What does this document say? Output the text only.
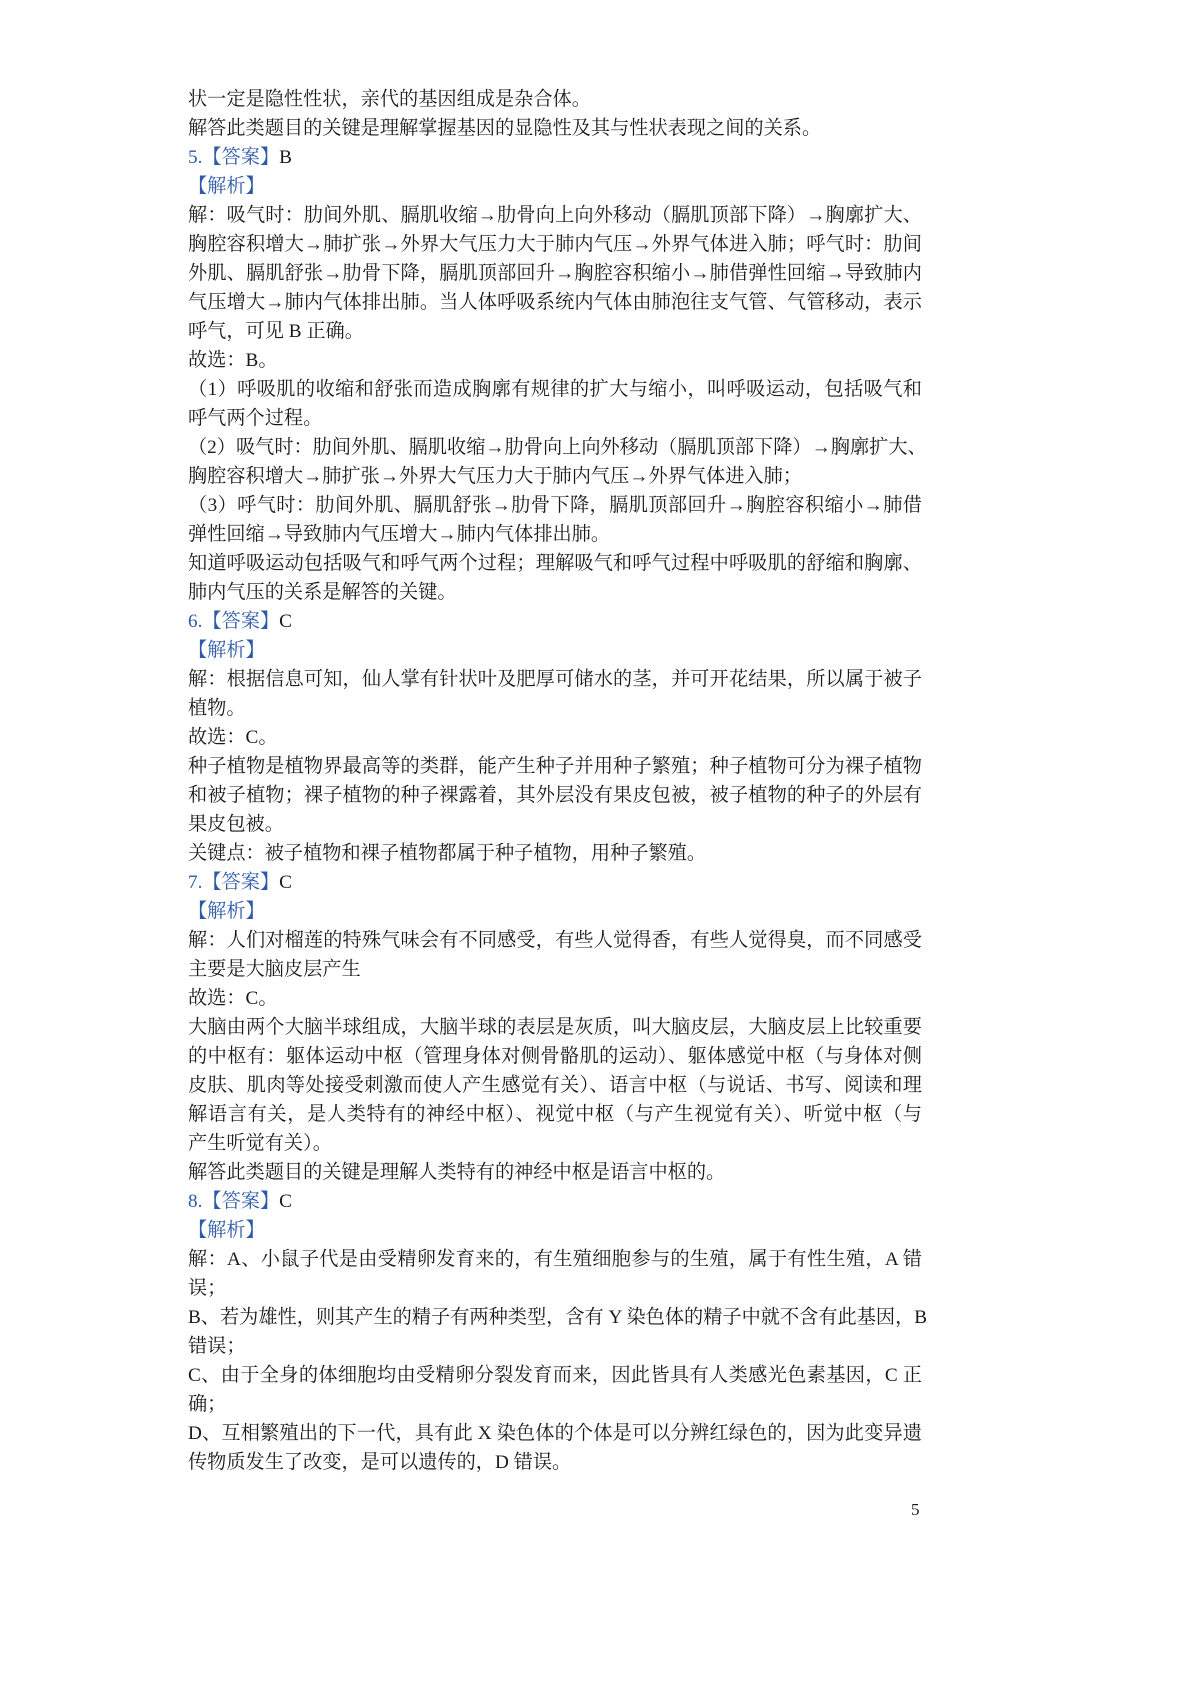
状一定是隐性性状，亲代的基因组成是杂合体。
解答此类题目的关键是理解掌握基因的显隐性及其与性状表现之间的关系。
5.【答案】B
【解析】
解：吸气时：肋间外肌、膈肌收缩→肋骨向上向外移动（膈肌顶部下降）→胸廓扩大、
胸腔容积增大→肺扩张→外界大气压力大于肺内气压→外界气体进入肺；呼气时：肋间
外肌、膈肌舒张→肋骨下降，膈肌顶部回升→胸腔容积缩小→肺借弹性回缩→导致肺内
气压增大→肺内气体排出肺。当人体呼吸系统内气体由肺泡往支气管、气管移动，表示
呼气，可见 B 正确。
故选：B。
（1）呼吸肌的收缩和舒张而造成胸廓有规律的扩大与缩小，叫呼吸运动，包括吸气和
呼气两个过程。
（2）吸气时：肋间外肌、膈肌收缩→肋骨向上向外移动（膈肌顶部下降）→胸廓扩大、
胸腔容积增大→肺扩张→外界大气压力大于肺内气压→外界气体进入肺；
（3）呼气时：肋间外肌、膈肌舒张→肋骨下降，膈肌顶部回升→胸腔容积缩小→肺借
弹性回缩→导致肺内气压增大→肺内气体排出肺。
知道呼吸运动包括吸气和呼气两个过程；理解吸气和呼气过程中呼吸肌的舒缩和胸廓、
肺内气压的关系是解答的关键。
6.【答案】C
【解析】
解：根据信息可知，仙人掌有针状叶及肥厚可储水的茎，并可开花结果，所以属于被子
植物。
故选：C。
种子植物是植物界最高等的类群，能产生种子并用种子繁殖；种子植物可分为裸子植物
和被子植物；裸子植物的种子裸露着，其外层没有果皮包被，被子植物的种子的外层有
果皮包被。
关键点：被子植物和裸子植物都属于种子植物，用种子繁殖。
7.【答案】C
【解析】
解：人们对榴莲的特殊气味会有不同感受，有些人觉得香，有些人觉得臭，而不同感受
主要是大脑皮层产生
故选：C。
大脑由两个大脑半球组成，大脑半球的表层是灰质，叫大脑皮层，大脑皮层上比较重要
的中枢有：躯体运动中枢（管理身体对侧骨骼肌的运动）、躯体感觉中枢（与身体对侧
皮肤、肌肉等处接受刺激而使人产生感觉有关）、语言中枢（与说话、书写、阅读和理
解语言有关，是人类特有的神经中枢）、视觉中枢（与产生视觉有关）、听觉中枢（与
产生听觉有关）。
解答此类题目的关键是理解人类特有的神经中枢是语言中枢的。
8.【答案】C
【解析】
解：A、小鼠子代是由受精卵发育来的，有生殖细胞参与的生殖，属于有性生殖，A 错
误；
B、若为雄性，则其产生的精子有两种类型，含有 Y 染色体的精子中就不含有此基因，B
错误；
C、由于全身的体细胞均由受精卵分裂发育而来，因此皆具有人类感光色素基因，C 正
确；
D、互相繁殖出的下一代，具有此 X 染色体的个体是可以分辨红绿色的，因为此变异遗
传物质发生了改变，是可以遗传的，D 错误。
5
